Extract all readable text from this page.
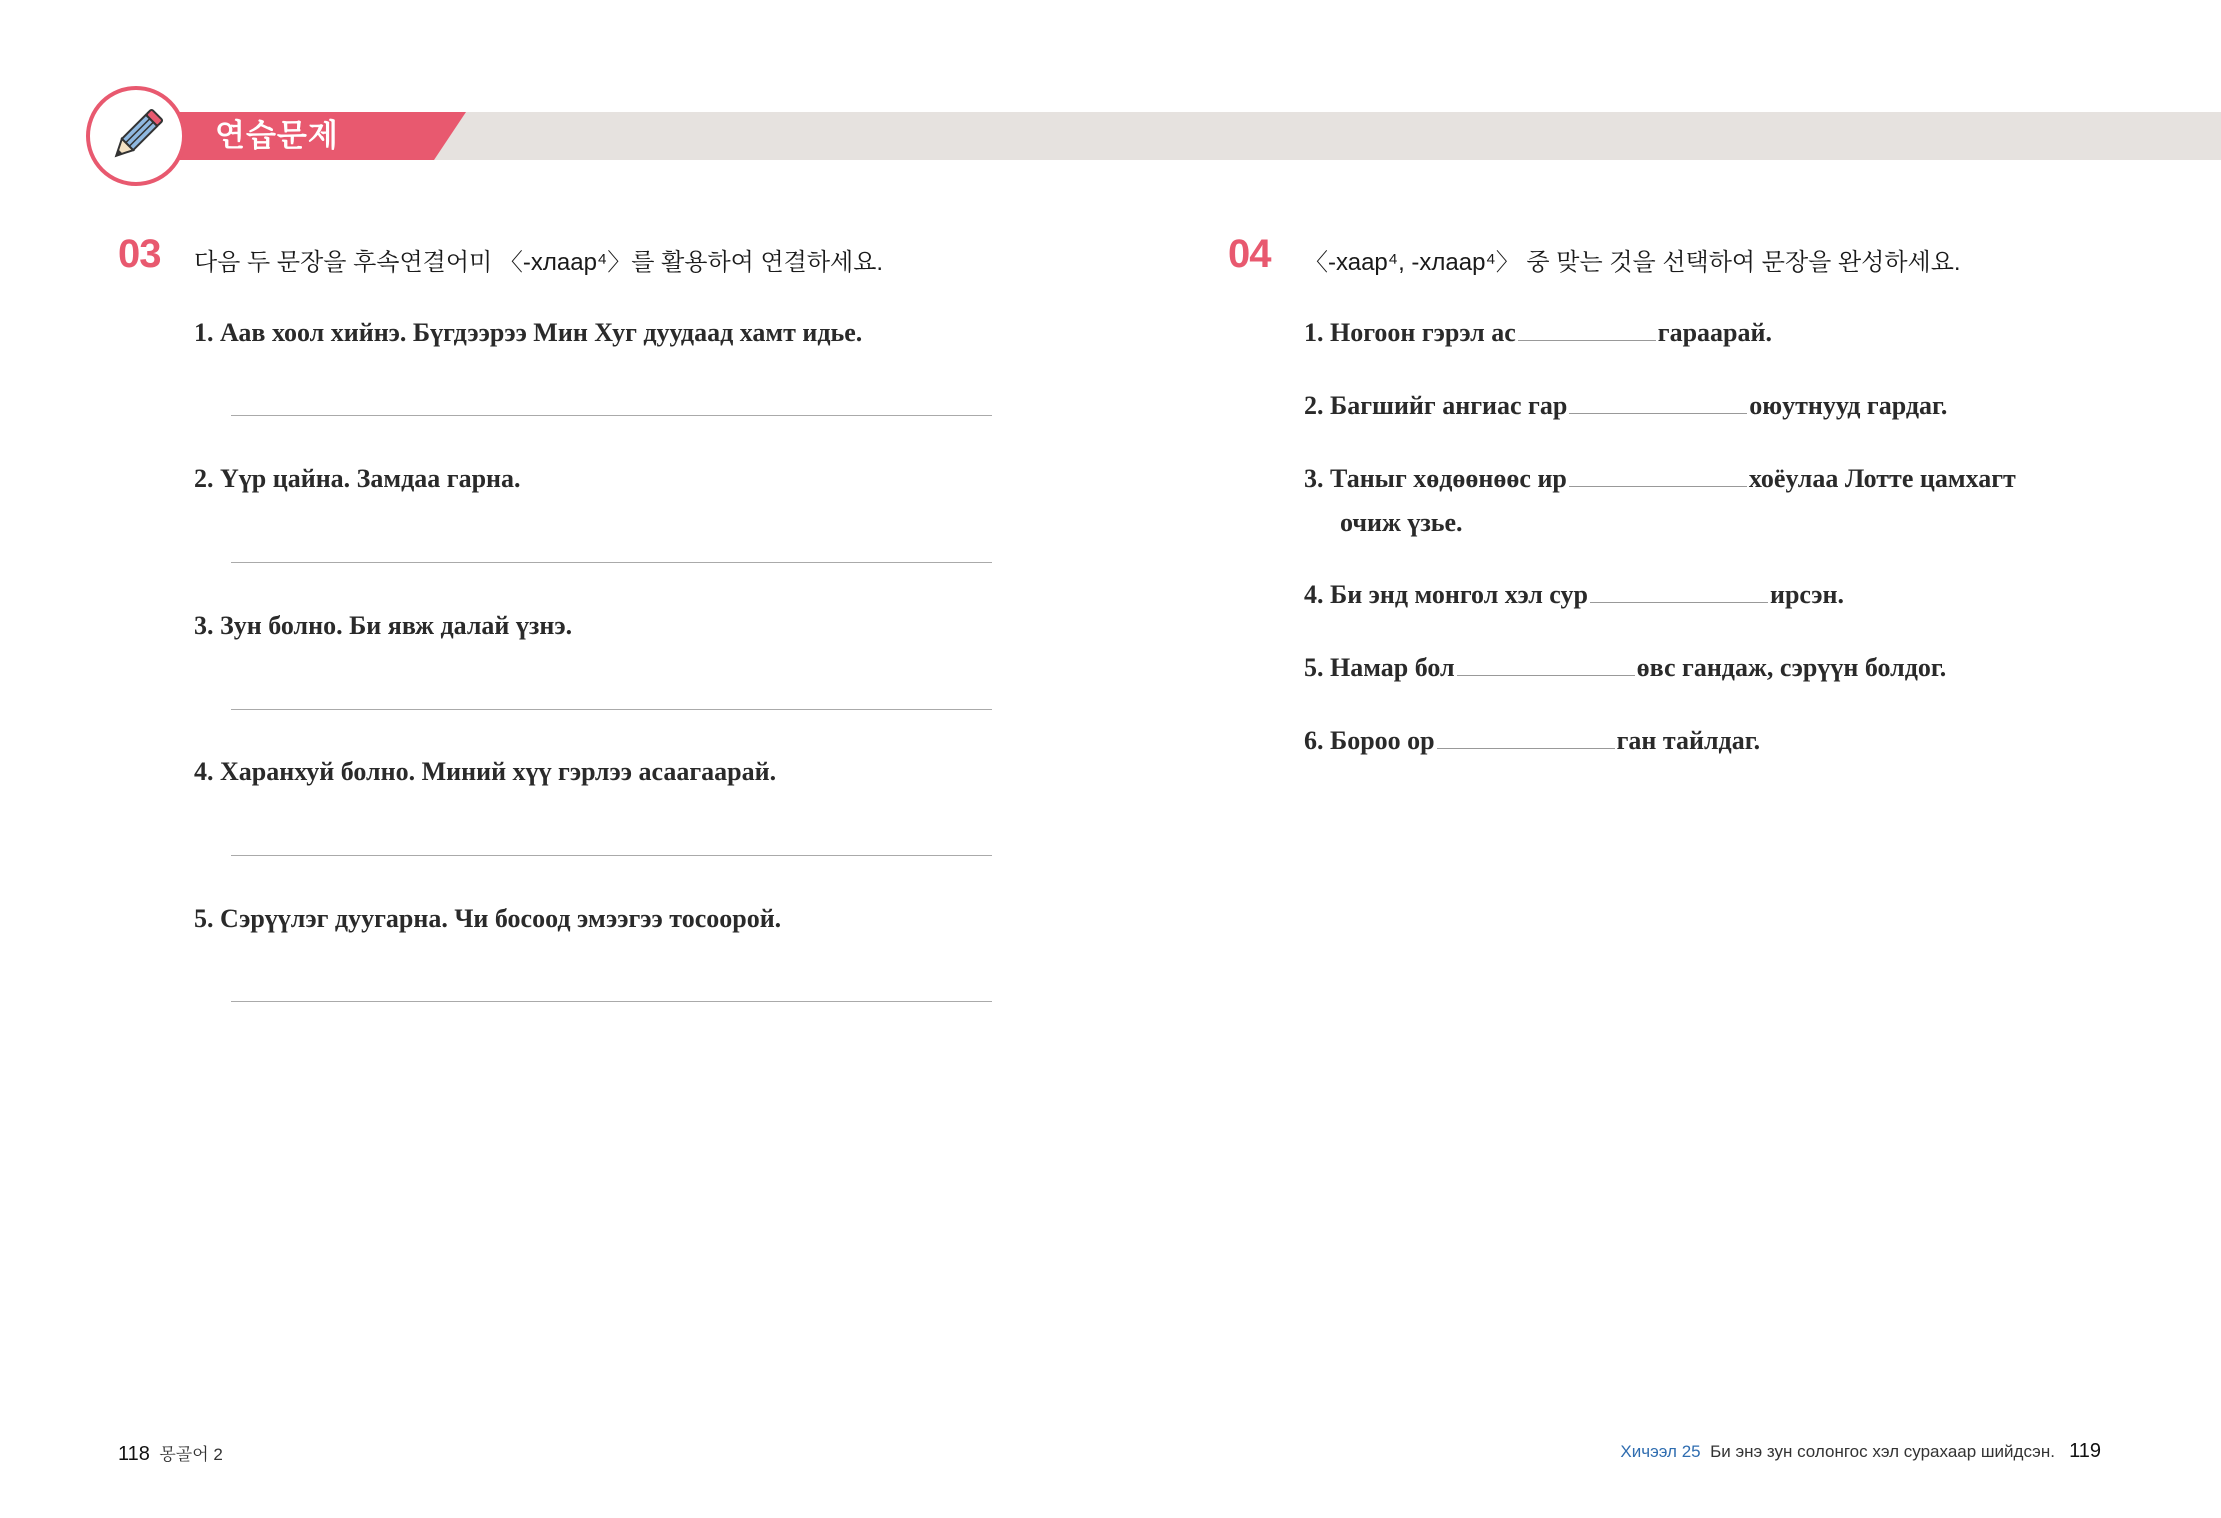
연습문제
03 다음 두 문장을 후속연결어미 〈-хлаар⁴〉를 활용하여 연결하세요.
1. Аав хоол хийнэ. Бүгдээрээ Мин Хуг дуудаад хамт идье.
2. Үүр цайна. Замдаа гарна.
3. Зун болно. Би явж далай үзнэ.
4. Харанхуй болно. Миний хүү гэрлээ асаагаарай.
5. Сэрүүлэг дуугарна. Чи босоод эмээгээ тосоорой.
04 〈-хаар⁴, -хлаар⁴〉 중 맞는 것을 선택하여 문장을 완성하세요.
1. Ногоон гэрэл ас	гараарай.
2. Багшийг ангиас гар	оюутнууд гардаг.
3. Таныг хөдөөнөөс ир	хоёулаа Лотте цамхагт
очиж үзье.
4. Би энд монгол хэл сур	ирсэн.
5. Намар бол	өвс гандаж, сэрүүн болдог.
6. Бороо ор	ган тайлдаг.
118 몽골어 2	Хичээл 25 Би энэ зун солонгос хэл сурахаар шийдсэн. 119
